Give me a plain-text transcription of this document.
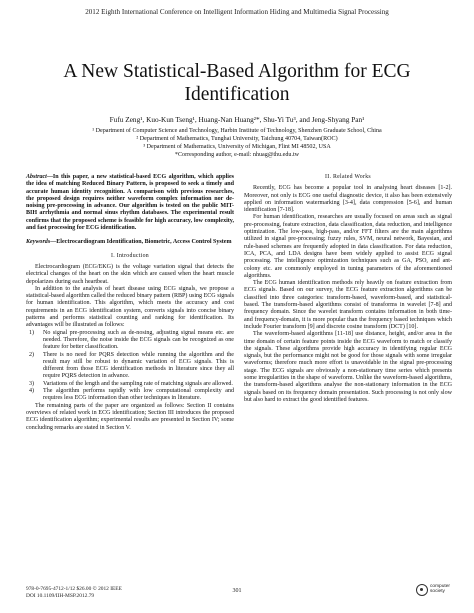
2012 Eighth International Conference on Intelligent Information Hiding and Multimedia Signal Processing
A New Statistical-Based Algorithm for ECG
Identification
Fufu Zeng¹, Kuo-Kun Tseng¹, Huang-Nan Huang²*, Shu-Yi Tu³, and Jeng-Shyang Pan¹
¹ Department of Computer Science and Technology, Harbin Institute of Technology, Shenzhen Graduate School, China
² Department of Mathematics, Tunghai University, Taichung 40704, Taiwan(ROC)
³ Department of Mathematics, University of Michigan, Flint MI 48502, USA
*Corresponding author, e-mail: nhuag@thu.edu.tw
Abstract—In this paper, a new statistical-based ECG algorithm, which applies the idea of matching Reduced Binary Pattern, is proposed to seek a timely and accurate human identity recognition. A comparison with previous researches, the proposed design requires neither waveform complex information nor de-noising pre-processing in advance. Our algorithm is tested on the public MIT-BIH arrhythmia and normal sinus rhythm databases. The experimental result confirms that the proposed scheme is feasible for high accuracy, low complexity, and fast processing for ECG identification.
Keywords—Electrocardiogram Identification, Biometric, Access Control System
I. Introduction
Electrocardiogram (ECG/EKG) is the voltage variation signal that detects the electrical changes of the heart on the skin which are caused when the heart muscle depolarizes during each heartbeat.
In addition to the analysis of heart disease using ECG signals, we propose a statistical-based algorithm called the reduced binary pattern (RBP) using ECG signals for human identification. This algorithm, which meets the accuracy and cost requirements in an ECG identification system, converts signals into concise binary patterns and performs statistical counting and ranking for identification. Its advantages will be illustrated as follows:
1)	No signal pre-processing such as de-nosing, adjusting signal means etc. are needed. Therefore, the noise inside the ECG signals can be recognized as one feature for better classification.
2)	There is no need for PQRS detection while running the algorithm and the result may still be robust to dynamic variation of ECG signals. This is different from those ECG identification methods in literature since they all require PQRS detection in advance.
3)	Variations of the length and the sampling rate of matching signals are allowed.
4)	The algorithm performs rapidly with low computational complexity and requires less ECG information than other techniques in literature.
The remaining parts of the paper are organized as follows: Section II contains overviews of related work in ECG identification; Section III introduces the proposed ECG identification algorithm; experimental results are presented in Section IV; some concluding remarks are stated in Section V.
II. Related Works
Recently, ECG has become a popular tool in analysing heart diseases [1-2]. Moreover, not only is ECG one useful diagnostic device, it also has been extensively applied on information watermarking [3-4], data compression [5-6], and human identification [7-18].
For human identification, researches are usually focused on areas such as signal pre-processing, feature extraction, data classification, data reduction, and intelligence optimization. The low-pass, high-pass, and/or FFT filters are the main algorithms utilized in signal pre-processing; fuzzy rules, SVM, neural network, Bayesian, and rule-based schemes are frequently adopted in data classification. For data reduction, ICA, PCA, and LDA designs have been widely applied to assist ECG signal processing. The intelligence optimization techniques such as GA, PSO, and ant-colony etc. are commonly employed in tuning parameters of the aforementioned algorithms.
The ECG human identification methods rely heavily on feature extraction from ECG signals. Based on our survey, the ECG feature extraction algorithms can be classified into three categories: transform-based, waveform-based, and statistical-based. The transform-based algorithms consist of transforms in wavelet [7-8] and frequency domain. Since the wavelet transform contains information in both time- and frequency-domain, it is more popular than the frequency based techniques which include Fourier transform [9] and discrete cosine transform (DCT) [10].
The waveform-based algorithms [11-18] use distance, height, and/or area in the time domain of certain feature points inside the ECG waveform to match or classify the signals. These algorithms provide high accuracy in identifying regular ECG signals, but the performance might not be good for those signals with some irregular waveforms; therefore much more effort is unavoidable in the signal pre-processing stage. The ECG signals are obviously a non-stationary time series which presents some irregularities in the shape of waveform. Unlike the waveform-based algorithms, the transform-based algorithms analyse the non-stationary information in the ECG signals based on its frequency domain presentation. Such processing is not only slow but also hard to extract the good identified features.
978-0-7695-4712-1/12 $26.00 © 2012 IEEE
DOI 10.1109/IIH-MSP.2012.79
301
computer
society
